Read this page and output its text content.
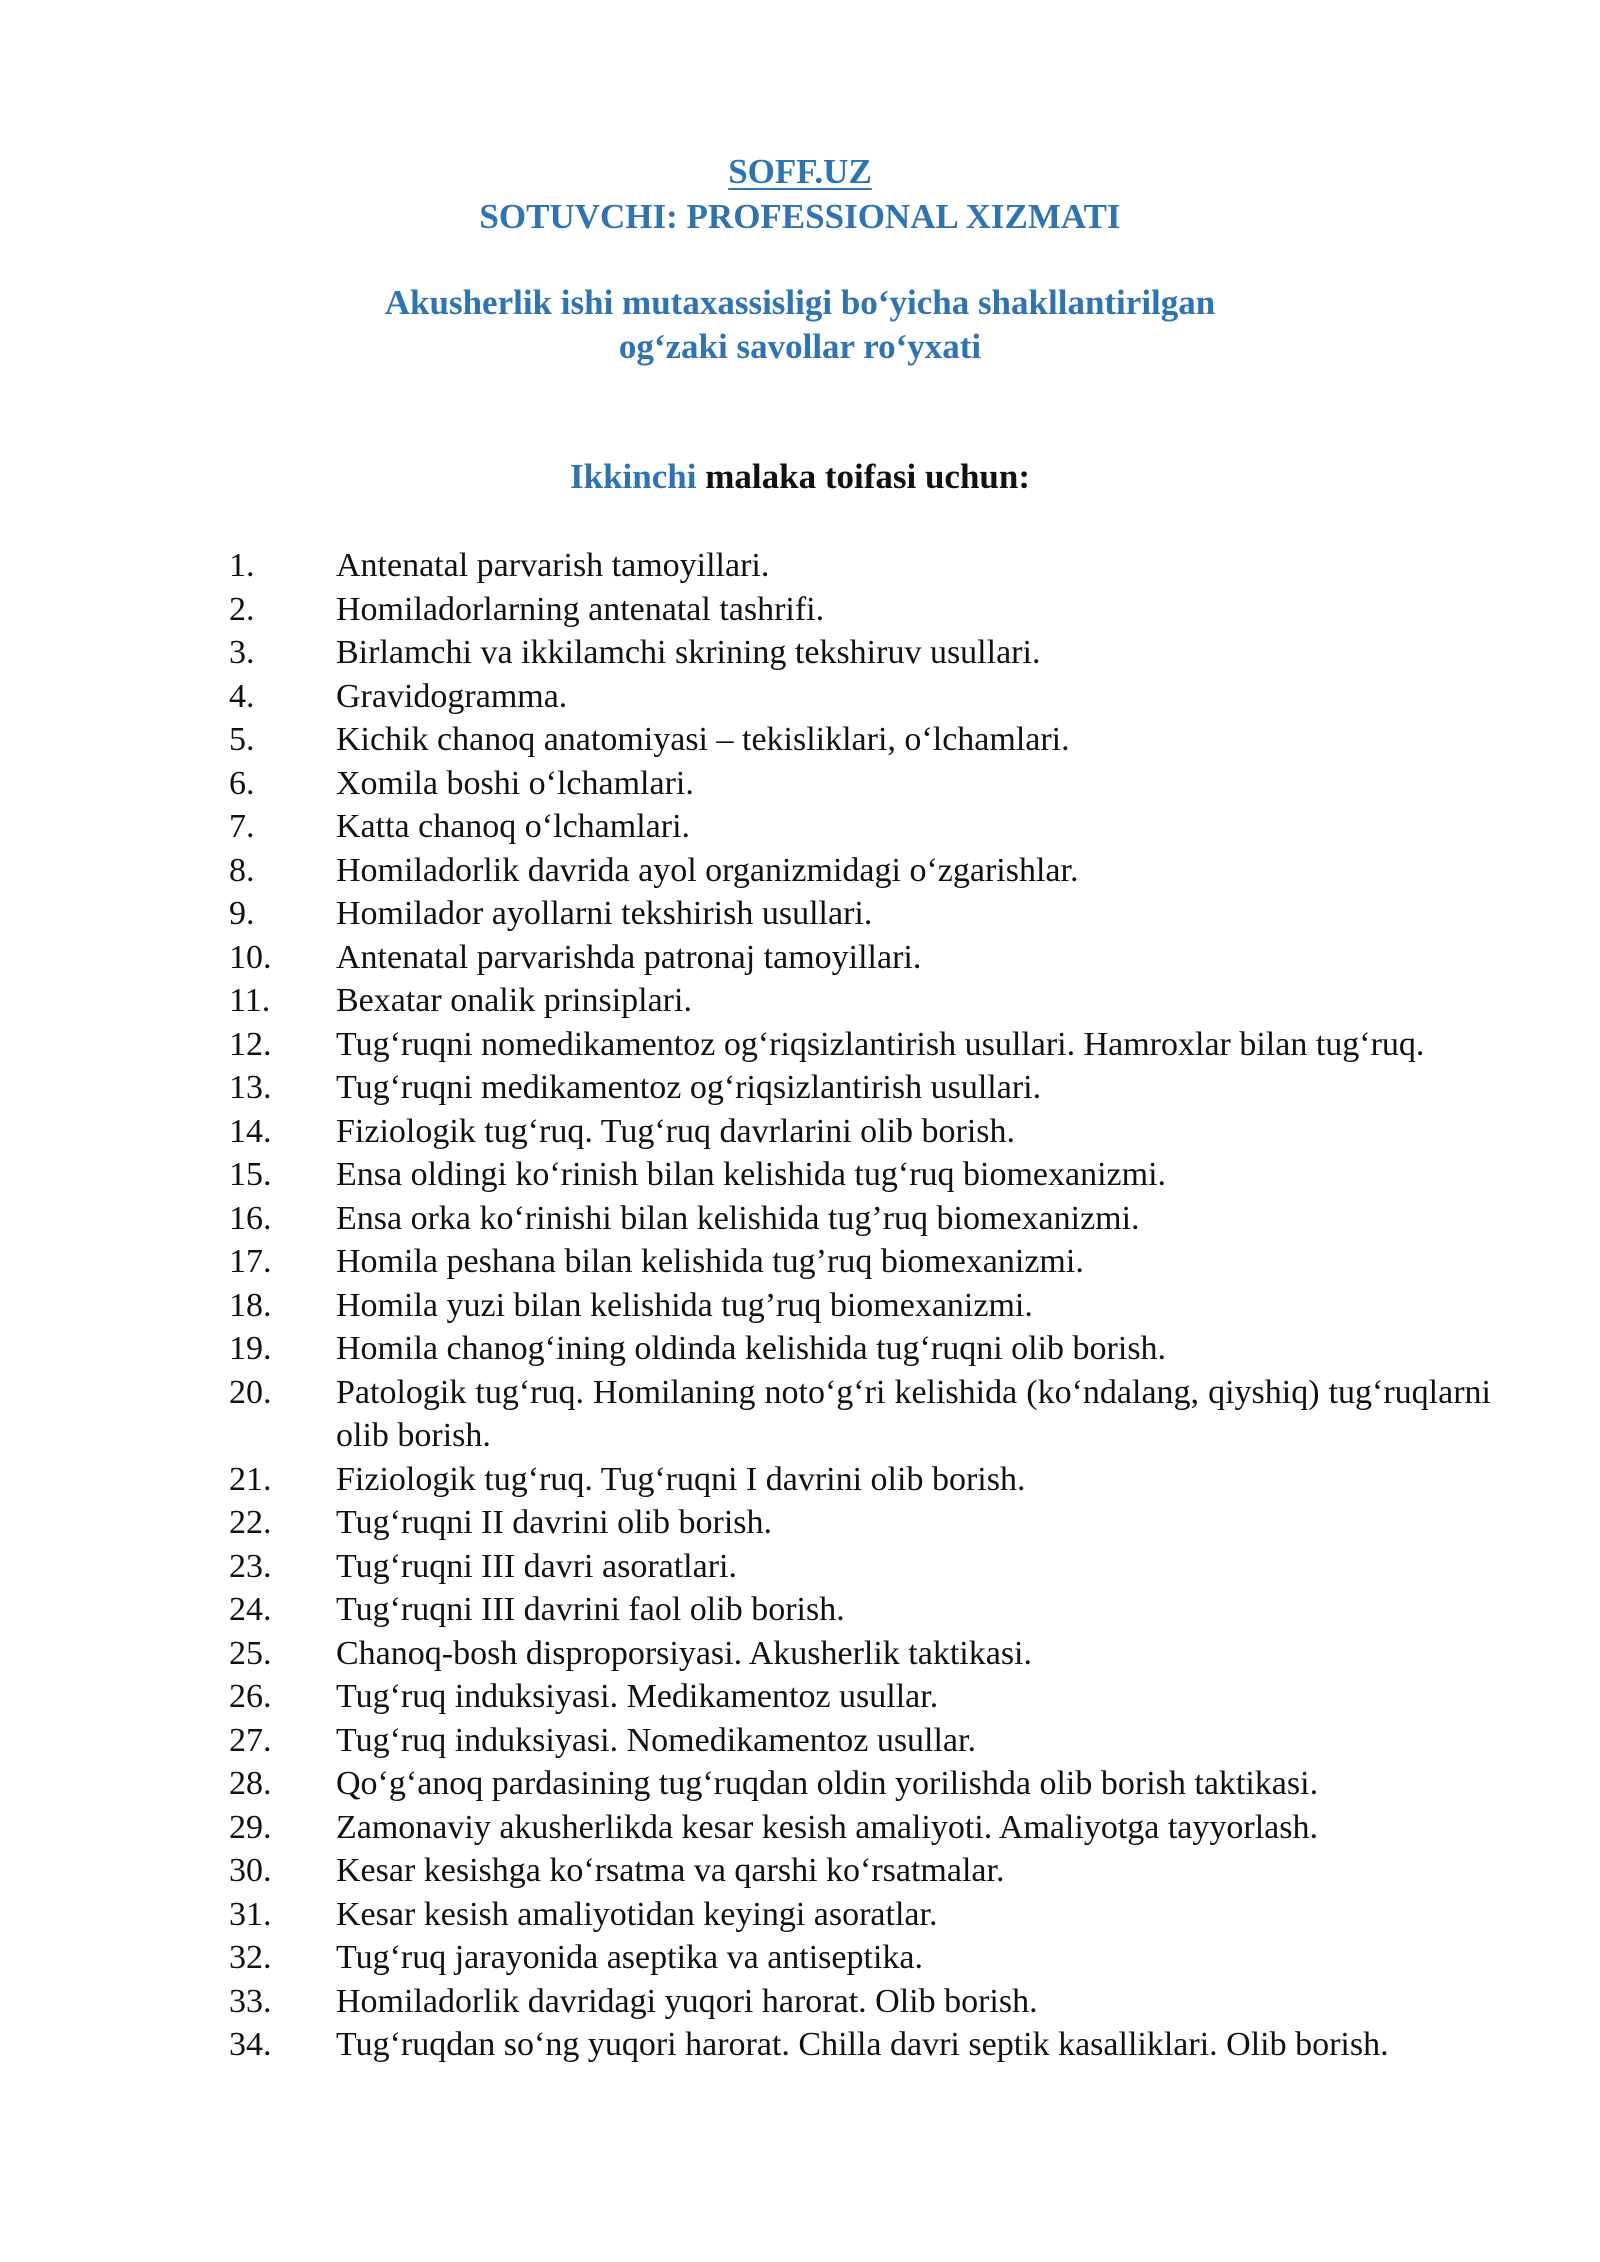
SOFF.UZ
SOTUVCHI: PROFESSIONAL XIZMATI
Akusherlik ishi mutaxassisligi bo‘yicha shakllantirilgan
og‘zaki savollar ro‘yxati
Ikkinchi malaka toifasi uchun:
1.	Antenatal parvarish tamoyillari.
2.	Homiladorlarning antenatal tashrifi.
3.	Birlamchi va ikkilamchi skrining tekshiruv usullari.
4.	Gravidogramma.
5.	Kichik chanoq anatomiyasi – tekisliklari, o‘lchamlari.
6.	Xomila boshi o‘lchamlari.
7.	Katta chanoq o‘lchamlari.
8.	Homiladorlik davrida ayol organizmidagi o‘zgarishlar.
9.	Homilador ayollarni tekshirish usullari.
10.	Antenatal parvarishda patronaj tamoyillari.
11.	Bexatar onalik prinsiplari.
12.	Tug‘ruqni nomedikamentoz og‘riqsizlantirish usullari. Hamroxlar bilan tug‘ruq.
13.	Tug‘ruqni medikamentoz og‘riqsizlantirish usullari.
14.	Fiziologik tug‘ruq. Tug‘ruq davrlarini olib borish.
15.	Ensa oldingi ko‘rinish bilan kelishida tug‘ruq biomexanizmi.
16.	Ensa orka ko‘rinishi bilan kelishida tug’ruq biomexanizmi.
17.	Homila peshana bilan kelishida tug’ruq biomexanizmi.
18.	Homila yuzi bilan kelishida tug’ruq biomexanizmi.
19.	Homila chanog‘ining oldinda kelishida tug‘ruqni olib borish.
20.	Patologik tug‘ruq. Homilaning noto‘g‘ri kelishida (ko‘ndalang, qiyshiq) tug‘ruqlarni olib borish.
21.	Fiziologik tug‘ruq. Tug‘ruqni I davrini olib borish.
22.	Tug‘ruqni II davrini olib borish.
23.	Tug‘ruqni III davri asoratlari.
24.	Tug‘ruqni III davrini faol olib borish.
25.	Chanoq-bosh disproporsiyasi. Akusherlik taktikasi.
26.	Tug‘ruq induksiyasi. Medikamentoz usullar.
27.	Tug‘ruq induksiyasi. Nomedikamentoz usullar.
28.	Qo‘g‘anoq pardasining tug‘ruqdan oldin yorilishda olib borish taktikasi.
29.	Zamonaviy akusherlikda kesar kesish amaliyoti. Amaliyotga tayyorlash.
30.	Kesar kesishga ko‘rsatma va qarshi ko‘rsatmalar.
31.	Kesar kesish amaliyotidan keyingi asoratlar.
32.	Tug‘ruq jarayonida aseptika va antiseptika.
33.	Homiladorlik davridagi yuqori harorat. Olib borish.
34.	Tug‘ruqdan so‘ng yuqori harorat. Chilla davri septik kasalliklari. Olib borish.
